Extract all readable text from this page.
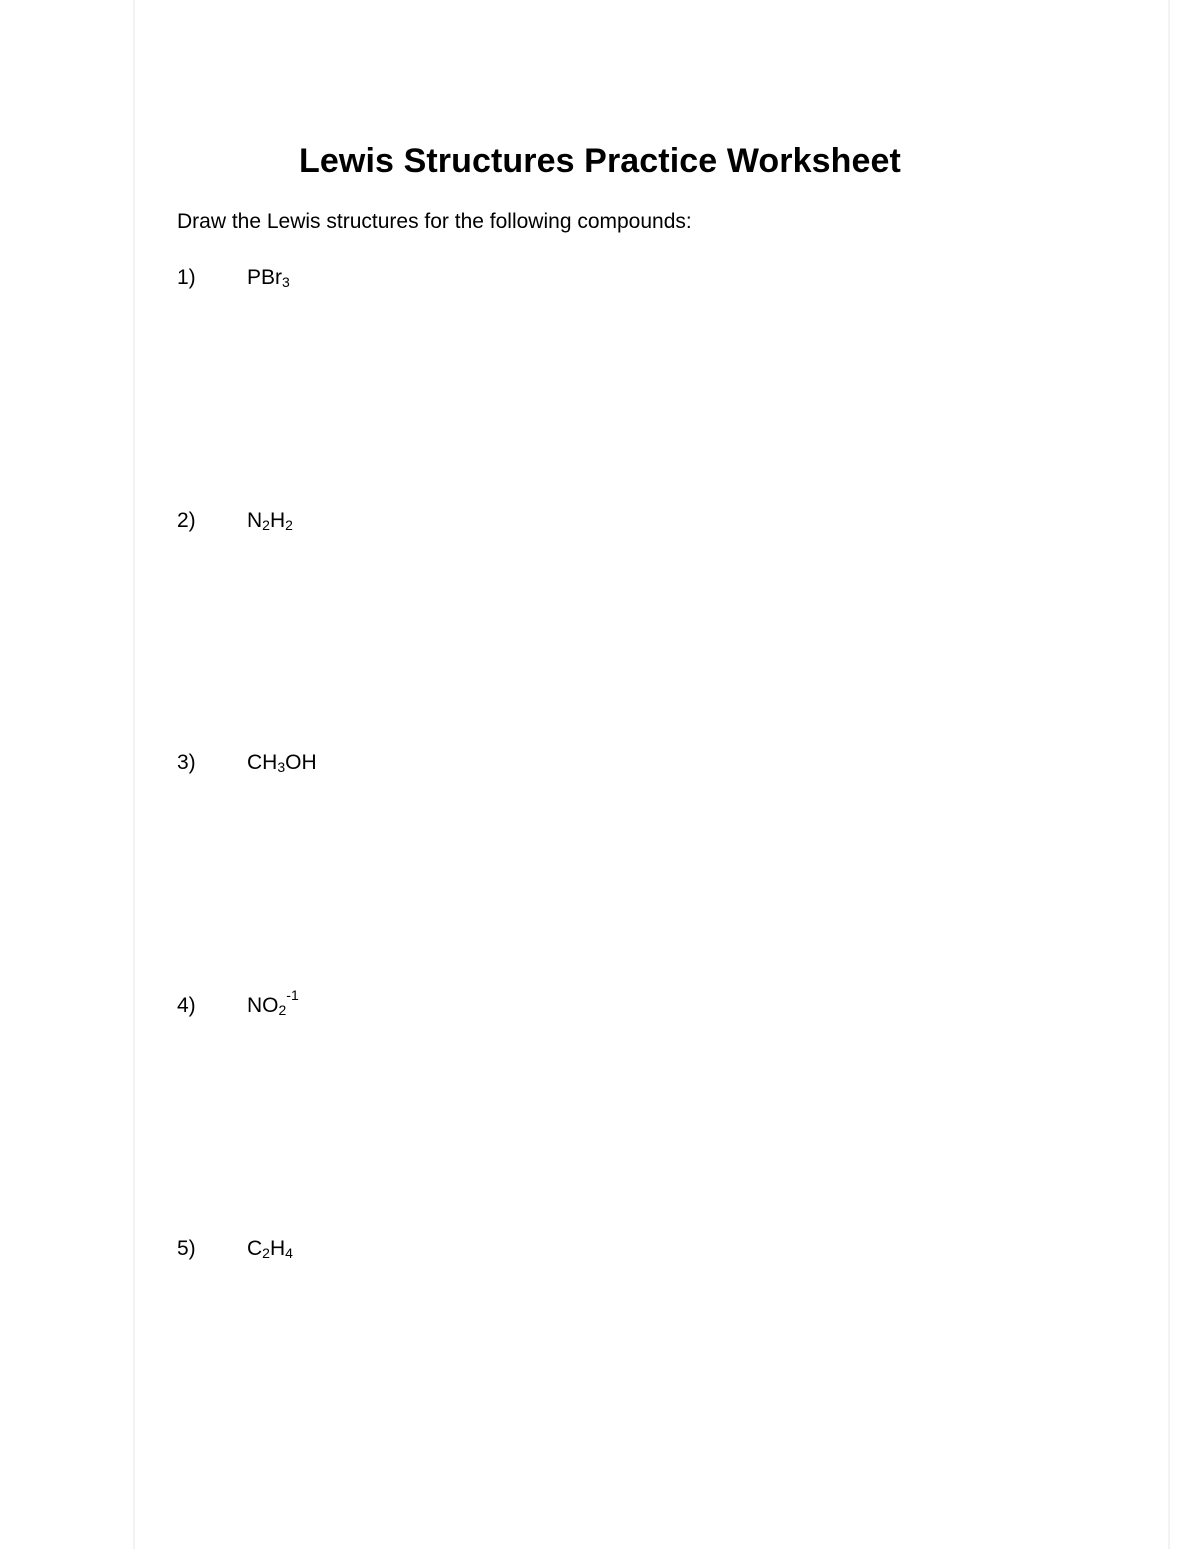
Lewis Structures Practice Worksheet
Draw the Lewis structures for the following compounds:
1) PBr$_3$
2) $N_2H_2$
3) $CH_3OH$
4) $NO_2^{-1}$
5) $C_2H_4$
